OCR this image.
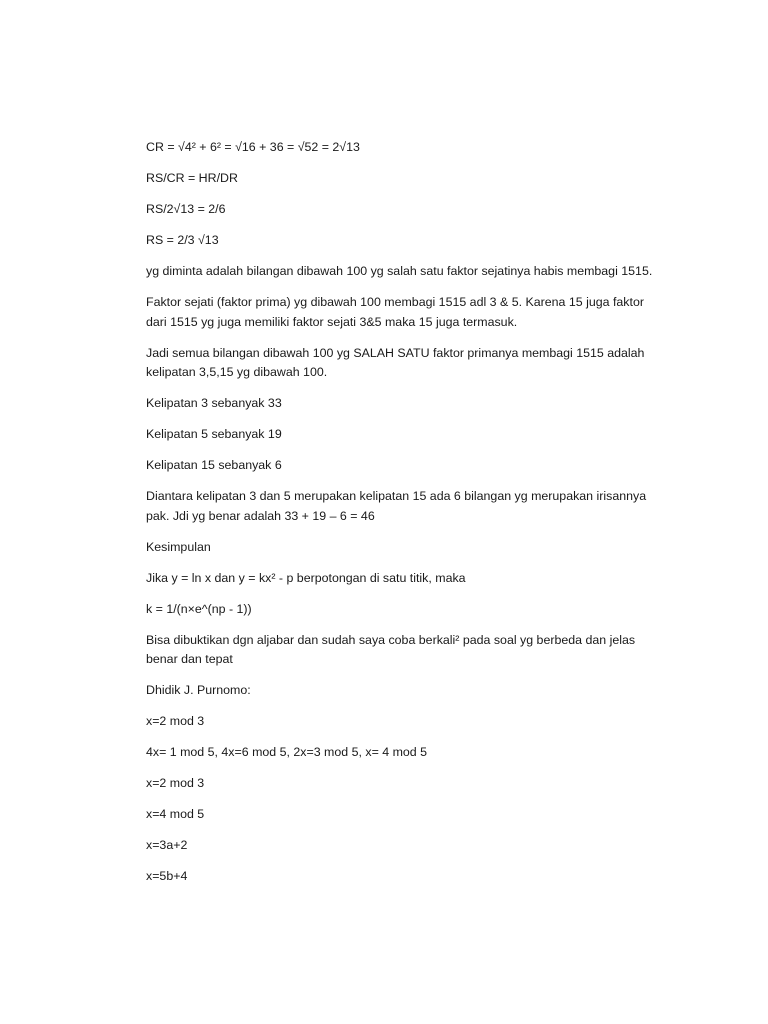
CR = √4² + 6² = √16 + 36 = √52 = 2√13

RS/CR = HR/DR

RS/2√13 = 2/6

RS = 2/3 √13

yg diminta adalah bilangan dibawah 100 yg salah satu faktor sejatinya habis membagi 1515.

Faktor sejati (faktor prima) yg dibawah 100 membagi 1515 adl 3 & 5. Karena 15 juga faktor dari 1515 yg juga memiliki faktor sejati 3&5 maka 15 juga termasuk.

Jadi semua bilangan dibawah 100 yg SALAH SATU faktor primanya membagi 1515 adalah kelipatan 3,5,15 yg dibawah 100.

Kelipatan 3 sebanyak 33

Kelipatan 5 sebanyak 19

Kelipatan 15 sebanyak 6

Diantara kelipatan 3 dan 5 merupakan kelipatan 15 ada 6 bilangan yg merupakan irisannya pak. Jdi yg benar adalah 33 + 19 – 6 = 46

Kesimpulan

Jika y = ln x dan y = kx² - p berpotongan di satu titik, maka

k = 1/(n×e^(np - 1))

Bisa dibuktikan dgn aljabar dan sudah saya coba berkali² pada soal yg berbeda dan jelas benar dan tepat

Dhidik J. Purnomo:

x=2 mod 3

4x= 1 mod 5, 4x=6 mod 5, 2x=3 mod 5, x= 4 mod 5

x=2 mod 3

x=4 mod 5

x=3a+2

x=5b+4
